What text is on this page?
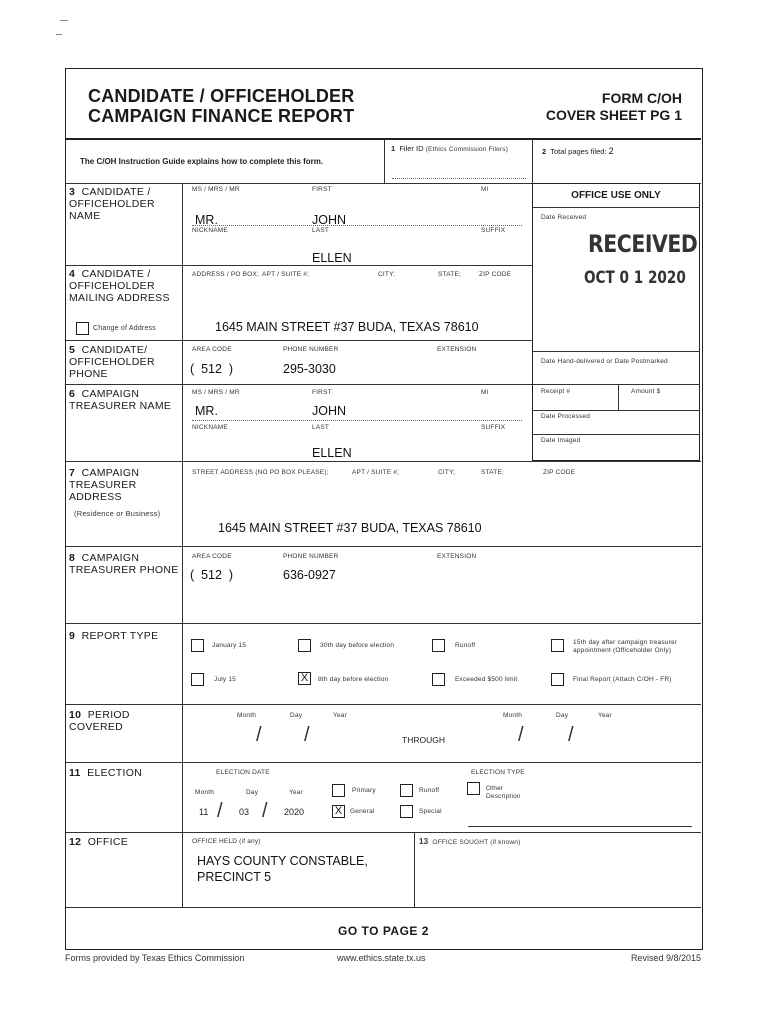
CANDIDATE / OFFICEHOLDER
CAMPAIGN FINANCE REPORT
FORM C/OH
COVER SHEET PG 1
The C/OH Instruction Guide explains how to complete this form.
1 Filer ID (Ethics Commission Filers)	2 Total pages filed: 2
OFFICE USE ONLY
Date Received
RECEIVED
OCT 0 1 2020
Date Hand-delivered or Date Postmarked
Receipt #	Amount $
Date Processed
Date Imaged
3 CANDIDATE / OFFICEHOLDER NAME
MS / MRS / MR	FIRST	MI
MR.	JOHN
NICKNAME	LAST	SUFFIX
ELLEN
4 CANDIDATE / OFFICEHOLDER MAILING ADDRESS
ADDRESS / PO BOX; APT / SUITE #;	CITY;	STATE;	ZIP CODE
Change of Address	1645 MAIN STREET #37 BUDA, TEXAS 78610
5 CANDIDATE/ OFFICEHOLDER PHONE
AREA CODE	PHONE NUMBER	EXTENSION
(  512  )	295-3030
6 CAMPAIGN TREASURER NAME
MS / MRS / MR	FIRST	MI
MR.	JOHN
NICKNAME	LAST	SUFFIX
ELLEN
7 CAMPAIGN TREASURER ADDRESS
(Residence or Business)
STREET ADDRESS (NO PO BOX PLEASE);	APT / SUITE #;	CITY;	STATE;	ZIP CODE
1645 MAIN STREET #37 BUDA, TEXAS 78610
8 CAMPAIGN TREASURER PHONE
AREA CODE	PHONE NUMBER	EXTENSION
(  512  )	636-0927
9 REPORT TYPE
January 15	30th day before election	Runoff	15th day after campaign treasurer appointment (Officeholder Only)
July 15	X	8th day before election	Exceeded $500 limit	Final Report (Attach C/OH - FR)
10 PERIOD COVERED
Month	Day	Year	Month	Day	Year
/ /	/ /
THROUGH
11 ELECTION	ELECTION DATE	ELECTION TYPE
Month	Day	Year
11 / 03 / 2020
Primary	Runoff	Other
Description
X	General	Special
12 OFFICE	OFFICE HELD (if any)
HAYS COUNTY CONSTABLE,
PRECINCT 5
13 OFFICE SOUGHT (if known)
GO TO PAGE 2
Forms provided by Texas Ethics Commission	www.ethics.state.tx.us	Revised 9/8/2015
